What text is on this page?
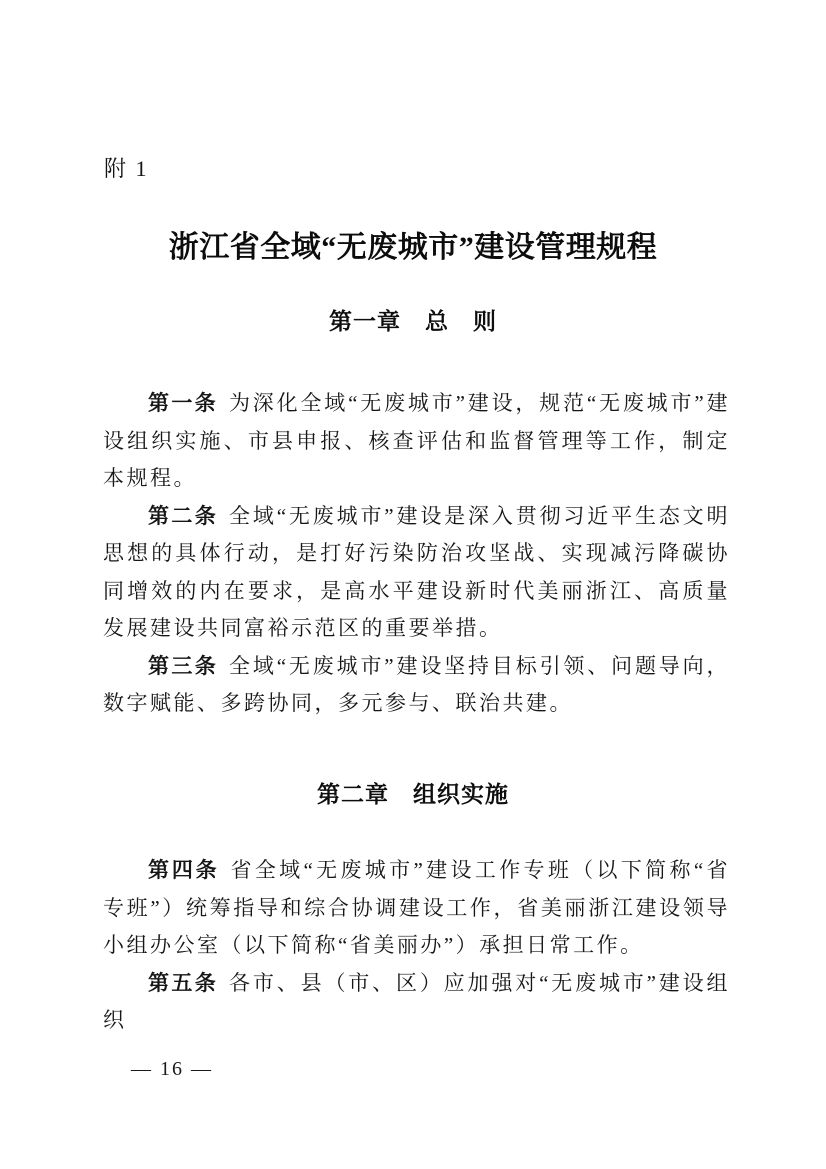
附 1
浙江省全域“无废城市”建设管理规程
第一章　总　则

第一条 为深化全域“无废城市”建设，规范“无废城市”建设组织实施、市县申报、核查评估和监督管理等工作，制定本规程。

第二条 全域“无废城市”建设是深入贯彻习近平生态文明思想的具体行动，是打好污染防治攻坚战、实现减污降碳协同增效的内在要求，是高水平建设新时代美丽浙江、高质量发展建设共同富裕示范区的重要举措。

第三条 全域“无废城市”建设坚持目标引领、问题导向，数字赋能、多跨协同，多元参与、联治共建。

第二章　组织实施

第四条 省全域“无废城市”建设工作专班（以下简称“省专班”）统筹指导和综合协调建设工作，省美丽浙江建设领导小组办公室（以下简称“省美丽办”）承担日常工作。

第五条 各市、县（市、区）应加强对“无废城市”建设组织

— 16 —
